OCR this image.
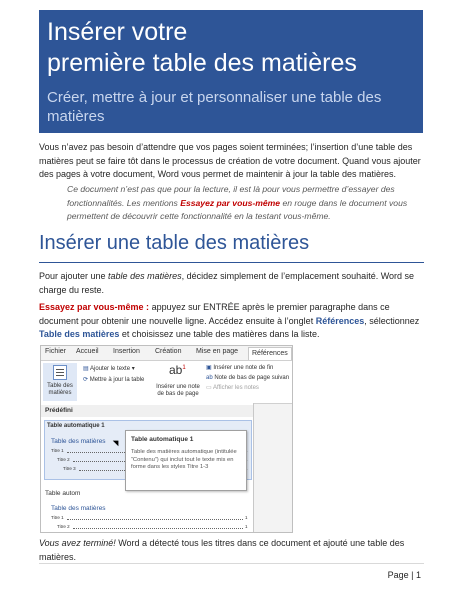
Insérer votre
première table des matières
Créer, mettre à jour et personnaliser une table des matières

Vous n’avez pas besoin d’attendre que vos pages soient terminées; l’insertion d’une table des matières peut se faire tôt dans le processus de création de votre document. Quand vous ajouter des pages à votre document, Word vous permet de maintenir à jour la table des matières.

Ce document n’est pas que pour la lecture, il est là pour vous permettre d’essayer des fonctionnalités. Les mentions Essayez par vous-même en rouge dans le document vous permettent de découvrir cette fonctionnalité en la testant vous-même.

Insérer une table des matières

Pour ajouter une table des matières, décidez simplement de l’emplacement souhaité. Word se charge du reste.

Essayez par vous-même : appuyez sur ENTRÉE après le premier paragraphe dans ce document pour obtenir une nouvelle ligne. Accédez ensuite à l’onglet Références, sélectionnez Table des matières et choisissez une table des matières dans la liste.

Fichier Accueil Insertion Création Mise en page	Références
Table des matières
▤ Ajouter le texte ▾
⟳ Mettre à jour la table
$ab^1$
Insérer une note de bas de page
▣ Insérer une note de fin
ab Note de bas de page suivan
▭ Afficher les notes
Prédéfini
Table automatique 1
Table des matières
Titre 1
Titre 2
Titre 3
Table autom
Table des matières
Titre 1	1
Titre 2	1
Table automatique 1
Table des matières automatique (intitulée “Contenu”) qui inclut tout le texte mis en forme dans les styles Titre 1-3

Vous avez terminé! Word a détecté tous les titres dans ce document et ajouté une table des matières.

Page | 1
